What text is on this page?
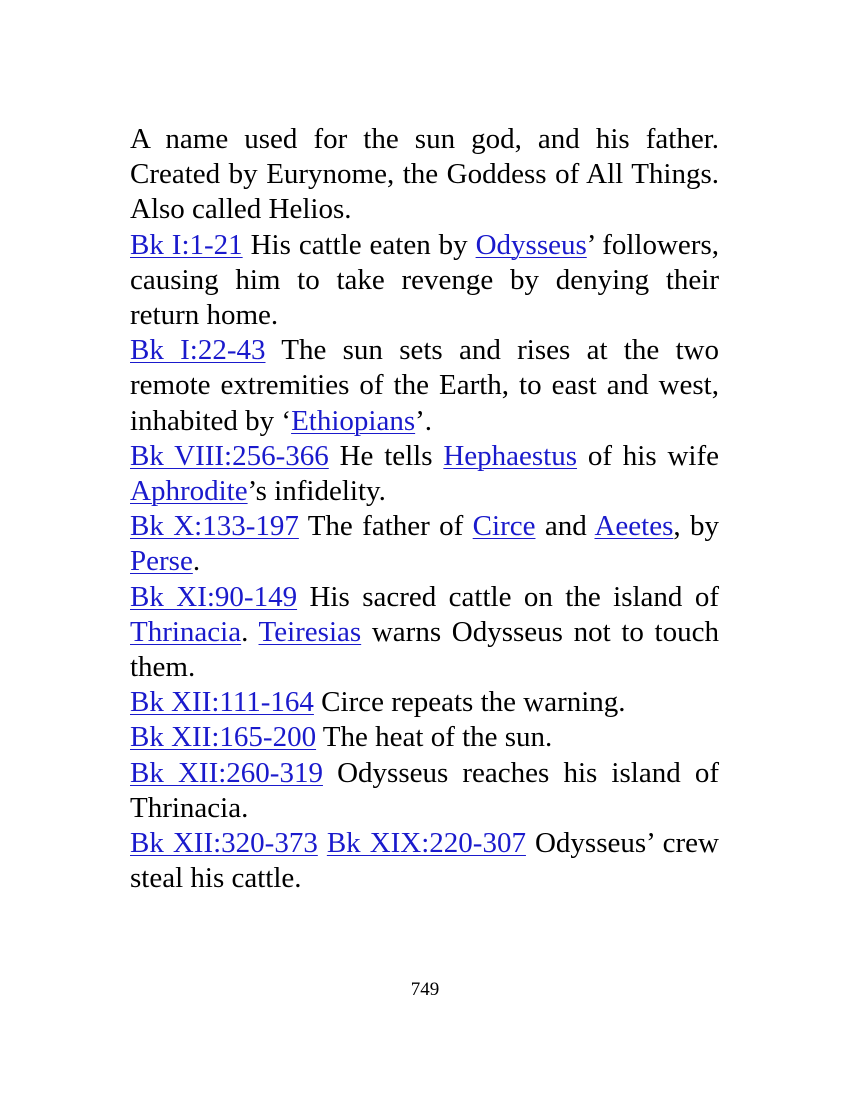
A name used for the sun god, and his father. Created by Eurynome, the Goddess of All Things. Also called Helios.

Bk I:1-21 His cattle eaten by Odysseus’ followers, causing him to take revenge by denying their return home.

Bk I:22-43 The sun sets and rises at the two remote extremities of the Earth, to east and west, inhabited by ‘Ethiopians’.

Bk VIII:256-366 He tells Hephaestus of his wife Aphrodite’s infidelity.

Bk X:133-197 The father of Circe and Aeetes, by Perse.

Bk XI:90-149 His sacred cattle on the island of Thrinacia. Teiresias warns Odysseus not to touch them.

Bk XII:111-164 Circe repeats the warning.

Bk XII:165-200 The heat of the sun.

Bk XII:260-319 Odysseus reaches his island of Thrinacia.

Bk XII:320-373 Bk XIX:220-307 Odysseus’ crew steal his cattle.

749
